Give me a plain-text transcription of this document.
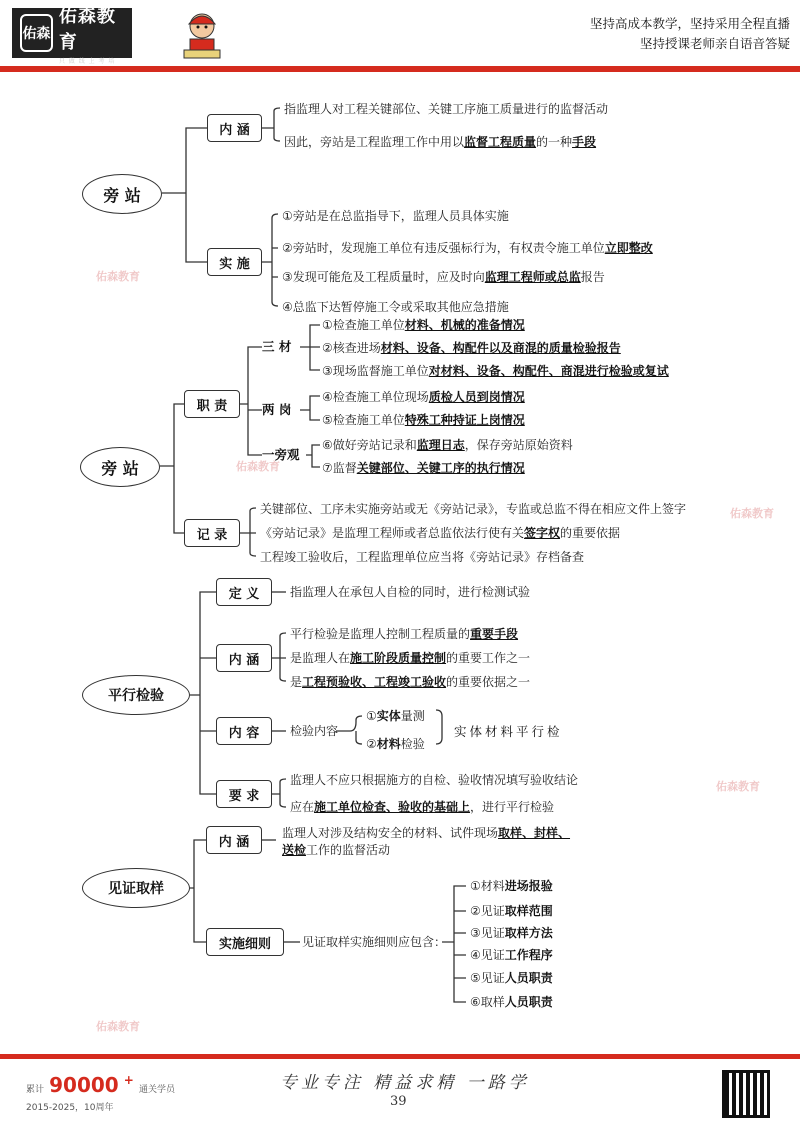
佑森
佑森教育
只 做 线 上 考 培
坚持高成本教学，坚持采用全程直播
坚持授课老师亲自语音答疑
佑森教育
佑森教育
佑森教育
佑森教育
佑森教育
旁 站
内 涵
指监理人对工程关键部位、关键工序施工质量进行的监督活动
因此，旁站是工程监理工作中用以监督工程质量的一种手段
实 施
①旁站是在总监指导下，监理人员具体实施
②旁站时，发现施工单位有违反强标行为，有权责令施工单位立即整改
③发现可能危及工程质量时，应及时向监理工程师或总监报告
④总监下达暂停施工令或采取其他应急措施
旁 站
职 责
三 材
两 岗
一旁观
①检查施工单位材料、机械的准备情况
②核查进场材料、设备、构配件以及商混的质量检验报告
③现场监督施工单位对材料、设备、构配件、商混进行检验或复试
④检查施工单位现场质检人员到岗情况
⑤检查施工单位特殊工种持证上岗情况
⑥做好旁站记录和监理日志，保存旁站原始资料
⑦监督关键部位、关键工序的执行情况
记 录
关键部位、工序未实施旁站或无《旁站记录》，专监或总监不得在相应文件上签字
《旁站记录》是监理工程师或者总监依法行使有关签字权的重要依据
工程竣工验收后，工程监理单位应当将《旁站记录》存档备查
平行检验
定 义	指监理人在承包人自检的同时，进行检测试验
内 涵
平行检验是监理人控制工程质量的重要手段
是监理人在施工阶段质量控制的重要工作之一
是工程预验收、工程竣工验收的重要依据之一
内 容	检验内容
①实体量测
②材料检验
实体材料平行检
要 求
监理人不应只根据施方的自检、验收情况填写验收结论
应在施工单位检查、验收的基础上，进行平行检验
见证取样
内 涵
监理人对涉及结构安全的材料、试件现场取样、封样、
送检工作的监督活动
实施细则	见证取样实施细则应包含：
①材料进场报验
②见证取样范围
③见证取样方法
④见证工作程序
⑤见证人员职责
⑥取样人员职责
累计 90000 + 通关学员
2015-2025，10周年
专业专注 精益求精 一路学
39
